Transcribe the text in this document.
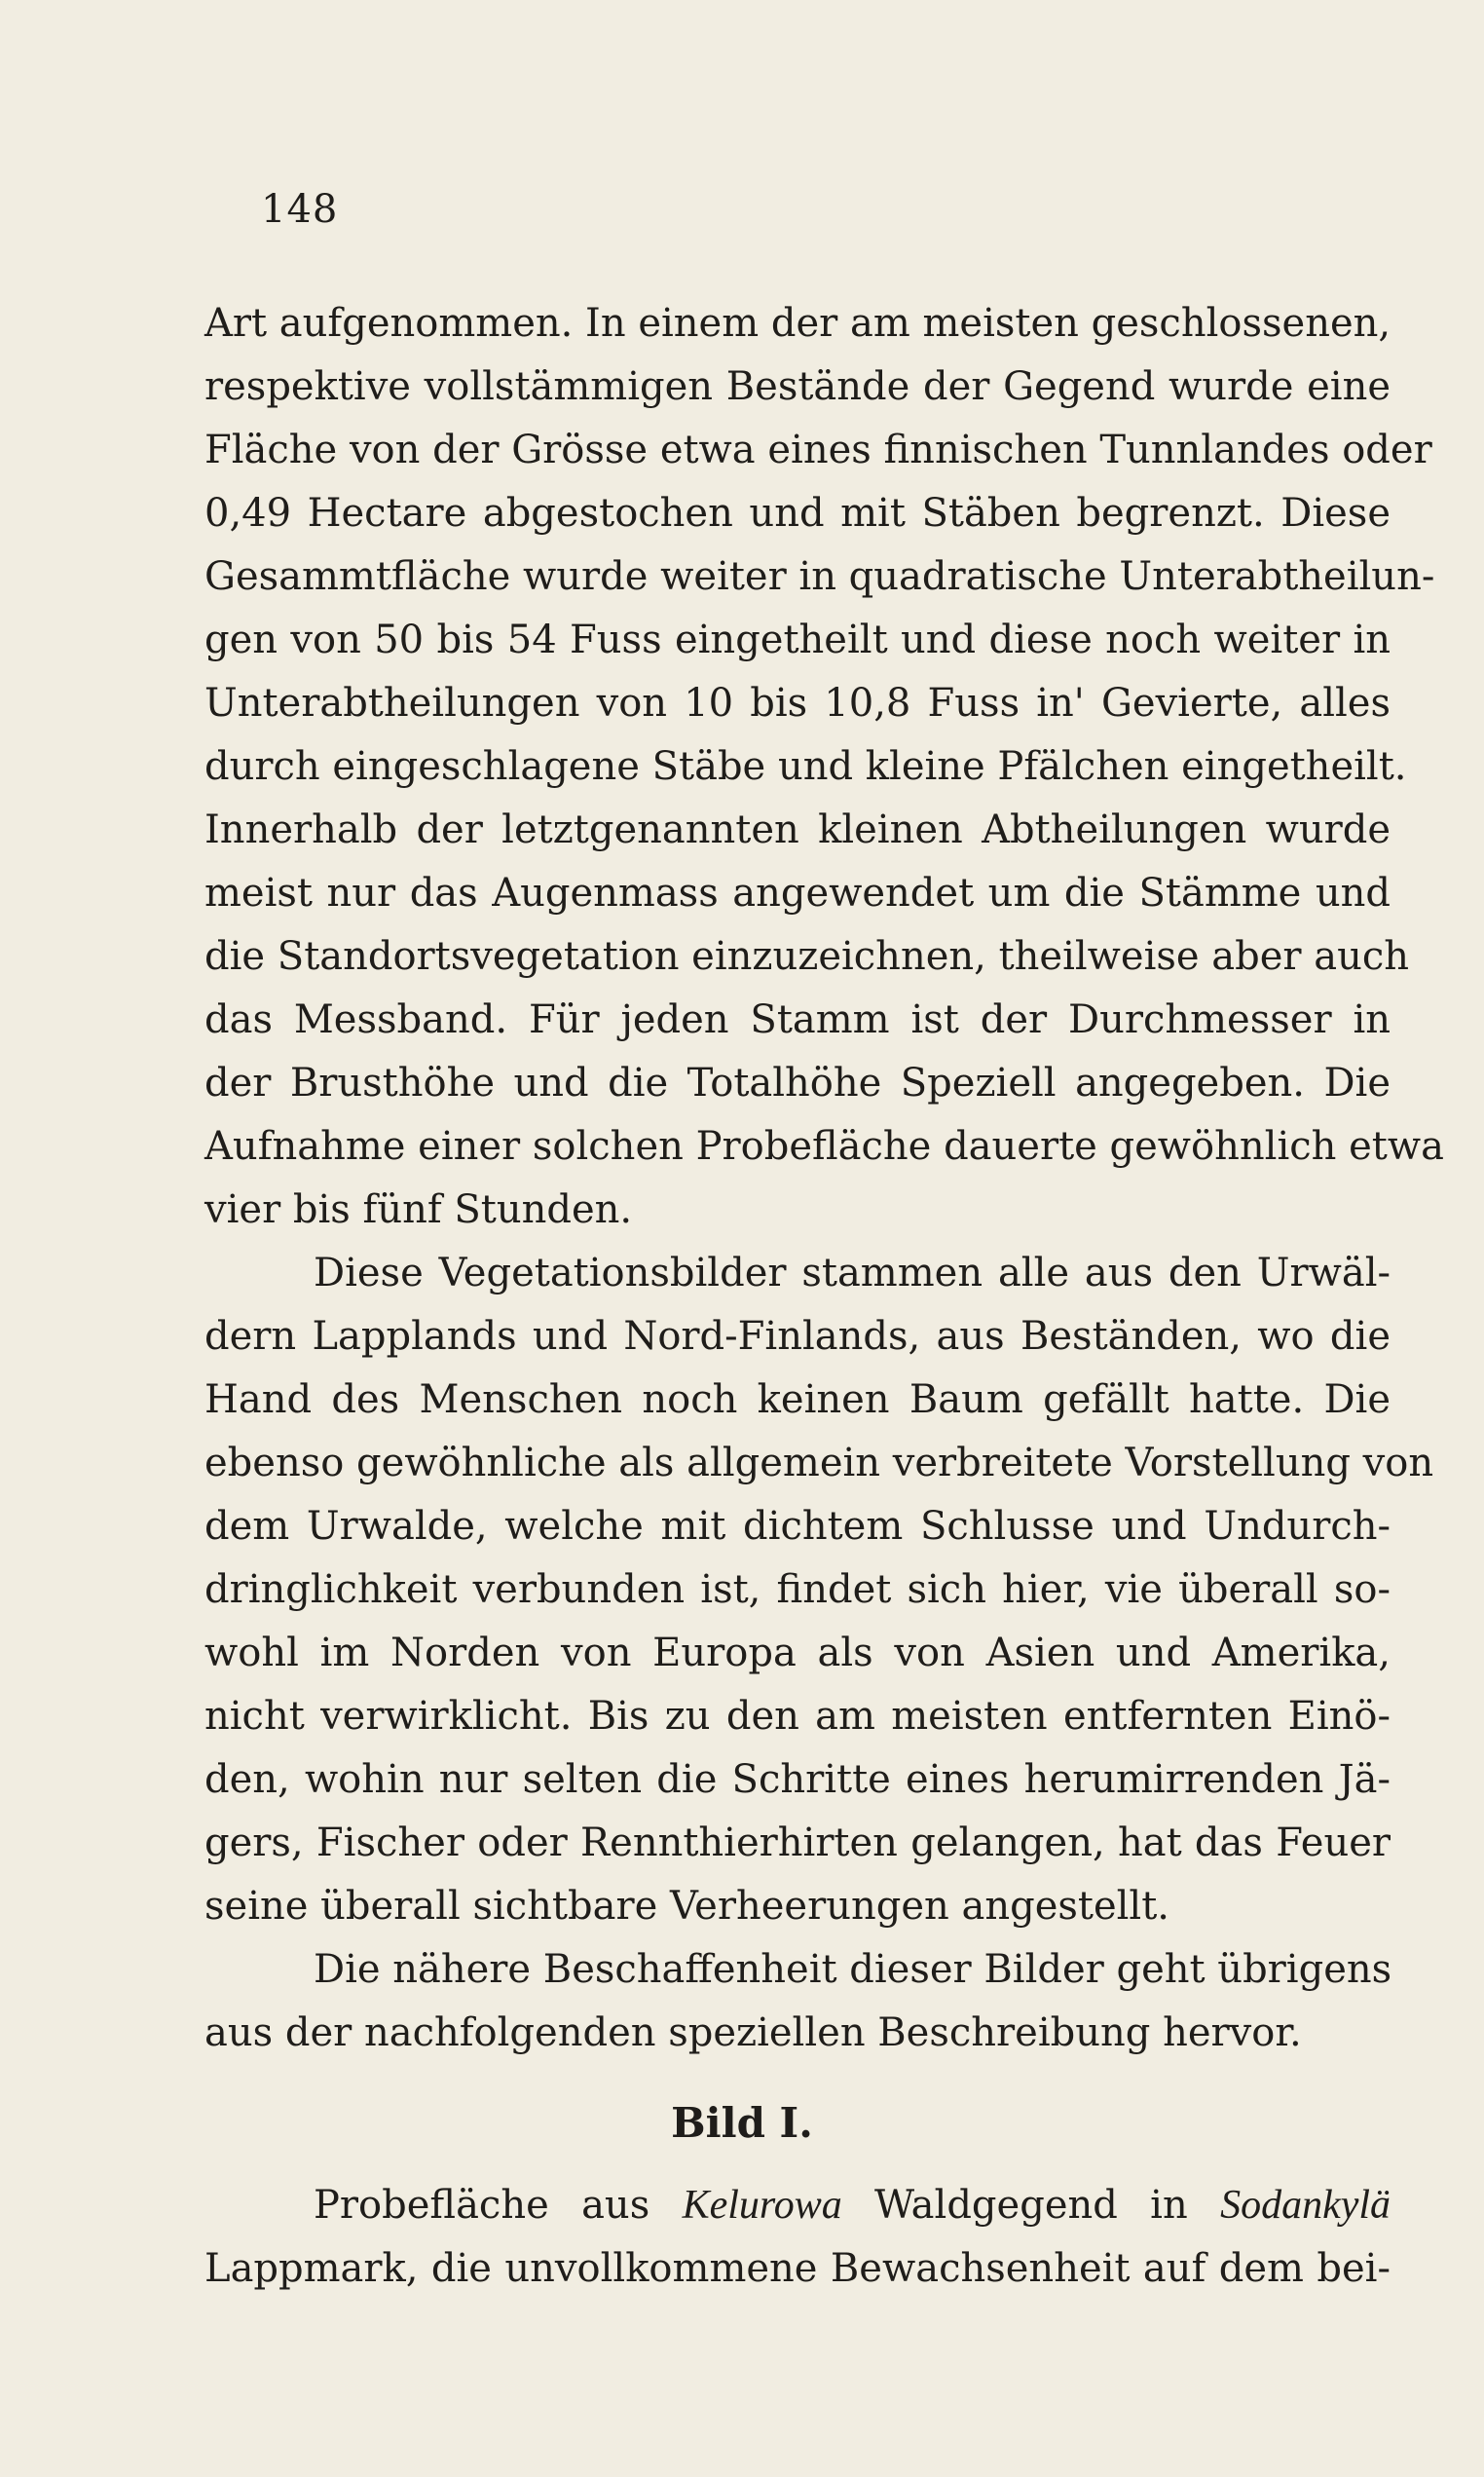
148
Art aufgenommen. In einem der am meisten geschlossenen,
respektive vollstämmigen Bestände der Gegend wurde eine
Fläche von der Grösse etwa eines finnischen Tunnlandes oder
0,49 Hectare abgestochen und mit Stäben begrenzt. Diese
Gesammtfläche wurde weiter in quadratische Unterabtheilun-
gen von 50 bis 54 Fuss eingetheilt und diese noch weiter in
Unterabtheilungen von 10 bis 10,8 Fuss in' Gevierte, alles
durch eingeschlagene Stäbe und kleine Pfälchen eingetheilt.
Innerhalb der letztgenannten kleinen Abtheilungen wurde
meist nur das Augenmass angewendet um die Stämme und
die Standortsvegetation einzuzeichnen, theilweise aber auch
das Messband. Für jeden Stamm ist der Durchmesser in
der Brusthöhe und die Totalhöhe Speziell angegeben. Die
Aufnahme einer solchen Probefläche dauerte gewöhnlich etwa
vier bis fünf Stunden.
Diese Vegetationsbilder stammen alle aus den Urwäl-
dern Lapplands und Nord-Finlands, aus Beständen, wo die
Hand des Menschen noch keinen Baum gefällt hatte. Die
ebenso gewöhnliche als allgemein verbreitete Vorstellung von
dem Urwalde, welche mit dichtem Schlusse und Undurch-
dringlichkeit verbunden ist, findet sich hier, vie überall so-
wohl im Norden von Europa als von Asien und Amerika,
nicht verwirklicht. Bis zu den am meisten entfernten Einö-
den, wohin nur selten die Schritte eines herumirrenden Jä-
gers, Fischer oder Rennthierhirten gelangen, hat das Feuer
seine überall sichtbare Verheerungen angestellt.
Die nähere Beschaffenheit dieser Bilder geht übrigens
aus der nachfolgenden speziellen Beschreibung hervor.
Bild I.
Probefläche aus Kelurowa Waldgegend in Sodankylä
Lappmark, die unvollkommene Bewachsenheit auf dem bei-
